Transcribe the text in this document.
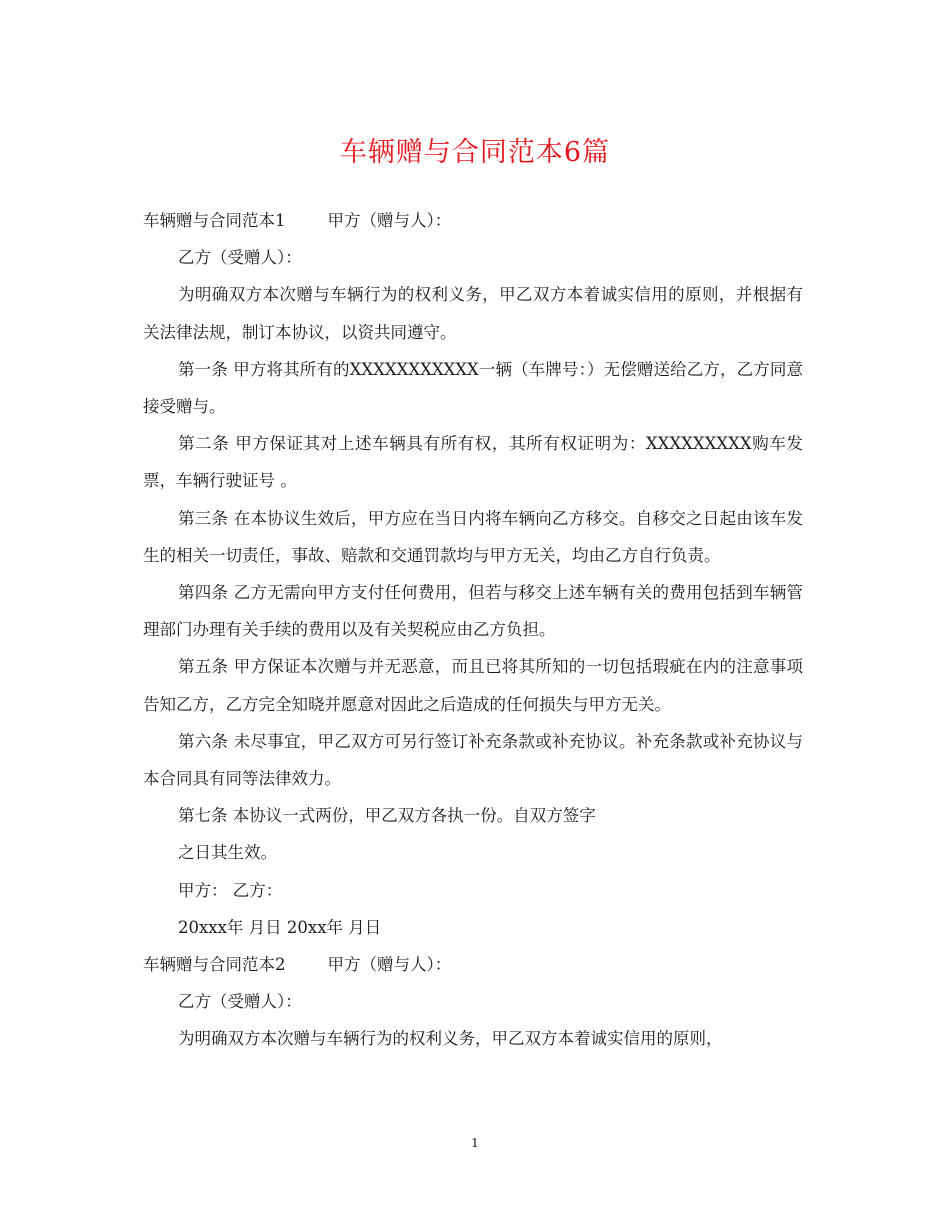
车辆赠与合同范本6篇

车辆赠与合同范本1	甲方（赠与人）：

乙方（受赠人）：

为明确双方本次赠与车辆行为的权利义务，甲乙双方本着诚实信用的原则，并根据有关法律法规，制订本协议，以资共同遵守。

第一条 甲方将其所有的XXXXXXXXXXX一辆（车牌号：）无偿赠送给乙方，乙方同意接受赠与。

第二条 甲方保证其对上述车辆具有所有权，其所有权证明为：XXXXXXXXX购车发票，车辆行驶证号 。

第三条 在本协议生效后，甲方应在当日内将车辆向乙方移交。自移交之日起由该车发生的相关一切责任，事故、赔款和交通罚款均与甲方无关，均由乙方自行负责。

第四条 乙方无需向甲方支付任何费用，但若与移交上述车辆有关的费用包括到车辆管理部门办理有关手续的费用以及有关契税应由乙方负担。

第五条 甲方保证本次赠与并无恶意，而且已将其所知的一切包括瑕疵在内的注意事项告知乙方，乙方完全知晓并愿意对因此之后造成的任何损失与甲方无关。

第六条 未尽事宜，甲乙双方可另行签订补充条款或补充协议。补充条款或补充协议与本合同具有同等法律效力。

第七条 本协议一式两份，甲乙双方各执一份。自双方签字

之日其生效。

甲方： 乙方：

20xxx年 月日 20xx年 月日

车辆赠与合同范本2	甲方（赠与人）：

乙方（受赠人）：

为明确双方本次赠与车辆行为的权利义务，甲乙双方本着诚实信用的原则，

1
